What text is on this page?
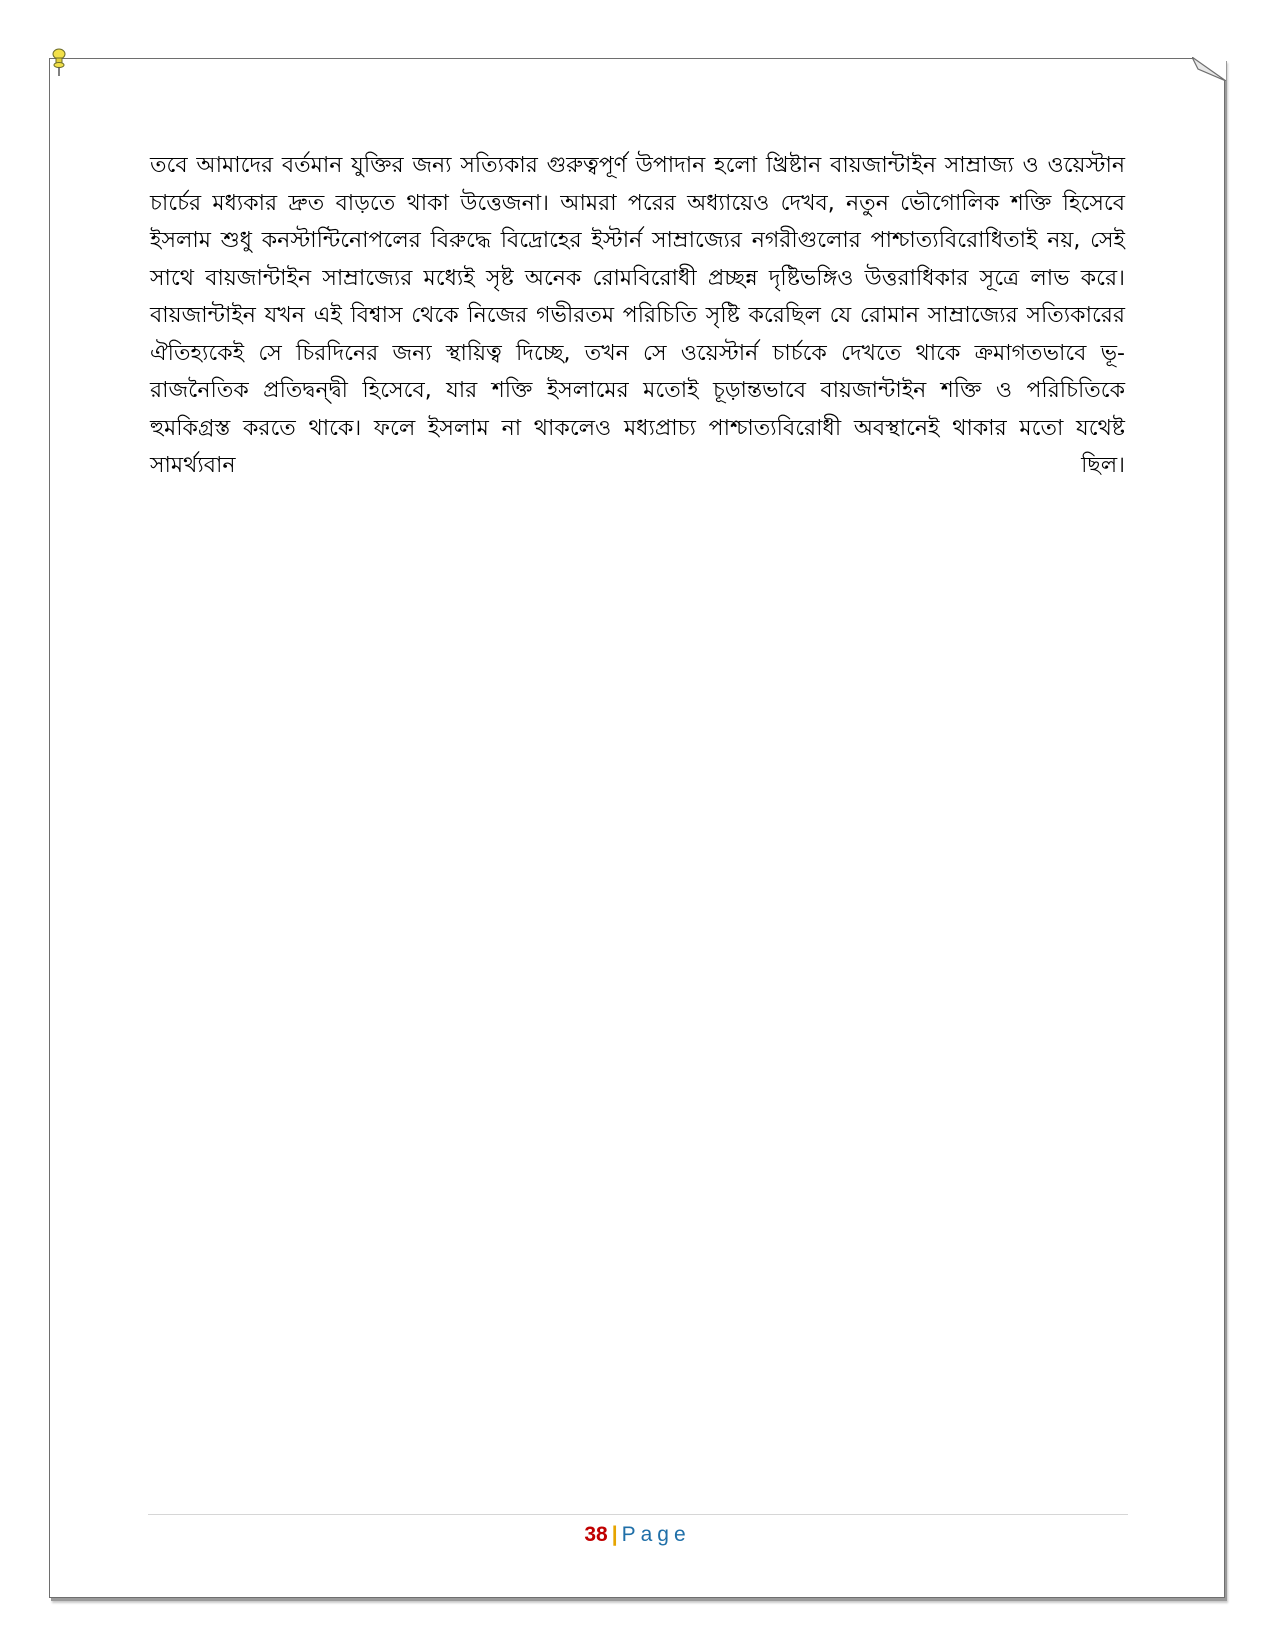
তবে আমাদের বর্তমান যুক্তির জন্য সত্যিকার গুরুত্বপূর্ণ উপাদান হলো খ্রিষ্টান বায়জান্টাইন সাম্রাজ্য ও ওয়েস্টান চার্চের মধ্যকার দ্রুত বাড়তে থাকা উত্তেজনা। আমরা পরের অধ্যায়েও দেখব, নতুন ভৌগোলিক শক্তি হিসেবে ইসলাম শুধু কনস্টান্টিনোপলের বিরুদ্ধে বিদ্রোহের ইস্টার্ন সাম্রাজ্যের নগরীগুলোর পাশ্চাত্যবিরোধিতাই নয়, সেই সাথে বায়জান্টাইন সাম্রাজ্যের মধ্যেই সৃষ্ট অনেক রোমবিরোধী প্রচ্ছন্ন দৃষ্টিভঙ্গিও উত্তরাধিকার সূত্রে লাভ করে। বায়জান্টাইন যখন এই বিশ্বাস থেকে নিজের গভীরতম পরিচিতি সৃষ্টি করেছিল যে রোমান সাম্রাজ্যের সত্যিকারের ঐতিহ্যকেই সে চিরদিনের জন্য স্থায়িত্ব দিচ্ছে, তখন সে ওয়েস্টার্ন চার্চকে দেখতে থাকে ক্রমাগতভাবে ভূ-রাজনৈতিক প্রতিদ্বন্দ্বী হিসেবে, যার শক্তি ইসলামের মতোই চূড়ান্তভাবে বায়জান্টাইন শক্তি ও পরিচিতিকে হুমকিগ্রস্ত করতে থাকে। ফলে ইসলাম না থাকলেও মধ্যপ্রাচ্য পাশ্চাত্যবিরোধী অবস্থানেই থাকার মতো যথেষ্ট সামর্থ্যবান ছিল।

38 | Page
